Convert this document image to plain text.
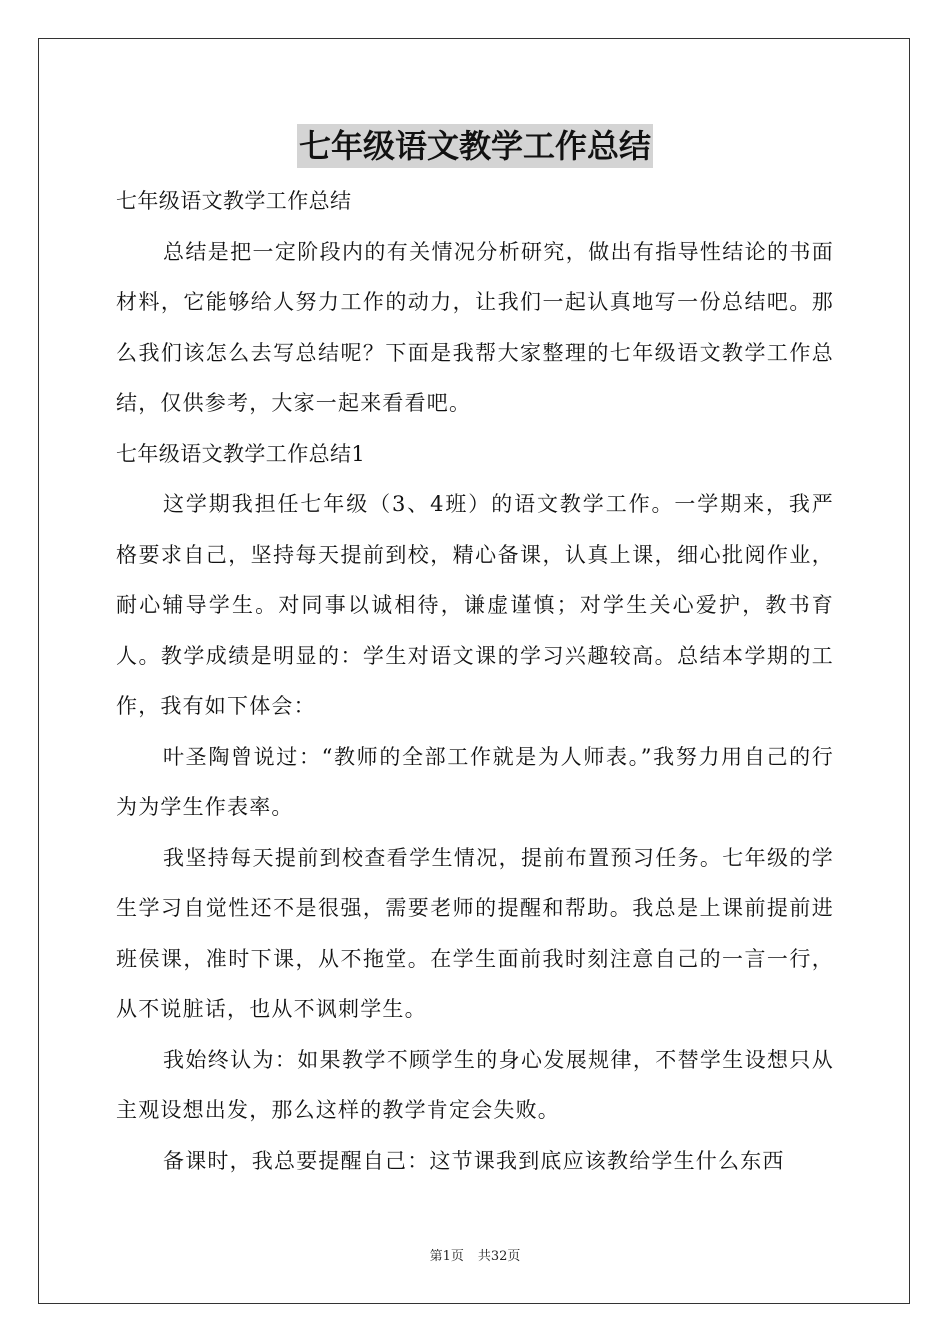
七年级语文教学工作总结

七年级语文教学工作总结

总结是把一定阶段内的有关情况分析研究，做出有指导性结论的书面材料，它能够给人努力工作的动力，让我们一起认真地写一份总结吧。那么我们该怎么去写总结呢？下面是我帮大家整理的七年级语文教学工作总结，仅供参考，大家一起来看看吧。

七年级语文教学工作总结1

这学期我担任七年级（3、4班）的语文教学工作。一学期来，我严格要求自己，坚持每天提前到校，精心备课，认真上课，细心批阅作业，耐心辅导学生。对同事以诚相待，谦虚谨慎；对学生关心爱护，教书育人。教学成绩是明显的：学生对语文课的学习兴趣较高。总结本学期的工作，我有如下体会：

叶圣陶曾说过：“教师的全部工作就是为人师表。”我努力用自己的行为为学生作表率。

我坚持每天提前到校查看学生情况，提前布置预习任务。七年级的学生学习自觉性还不是很强，需要老师的提醒和帮助。我总是上课前提前进班侯课，准时下课，从不拖堂。在学生面前我时刻注意自己的一言一行，从不说脏话，也从不讽刺学生。

我始终认为：如果教学不顾学生的身心发展规律，不替学生设想只从主观设想出发，那么这样的教学肯定会失败。

备课时，我总要提醒自己：这节课我到底应该教给学生什么东西

第1页 共32页
